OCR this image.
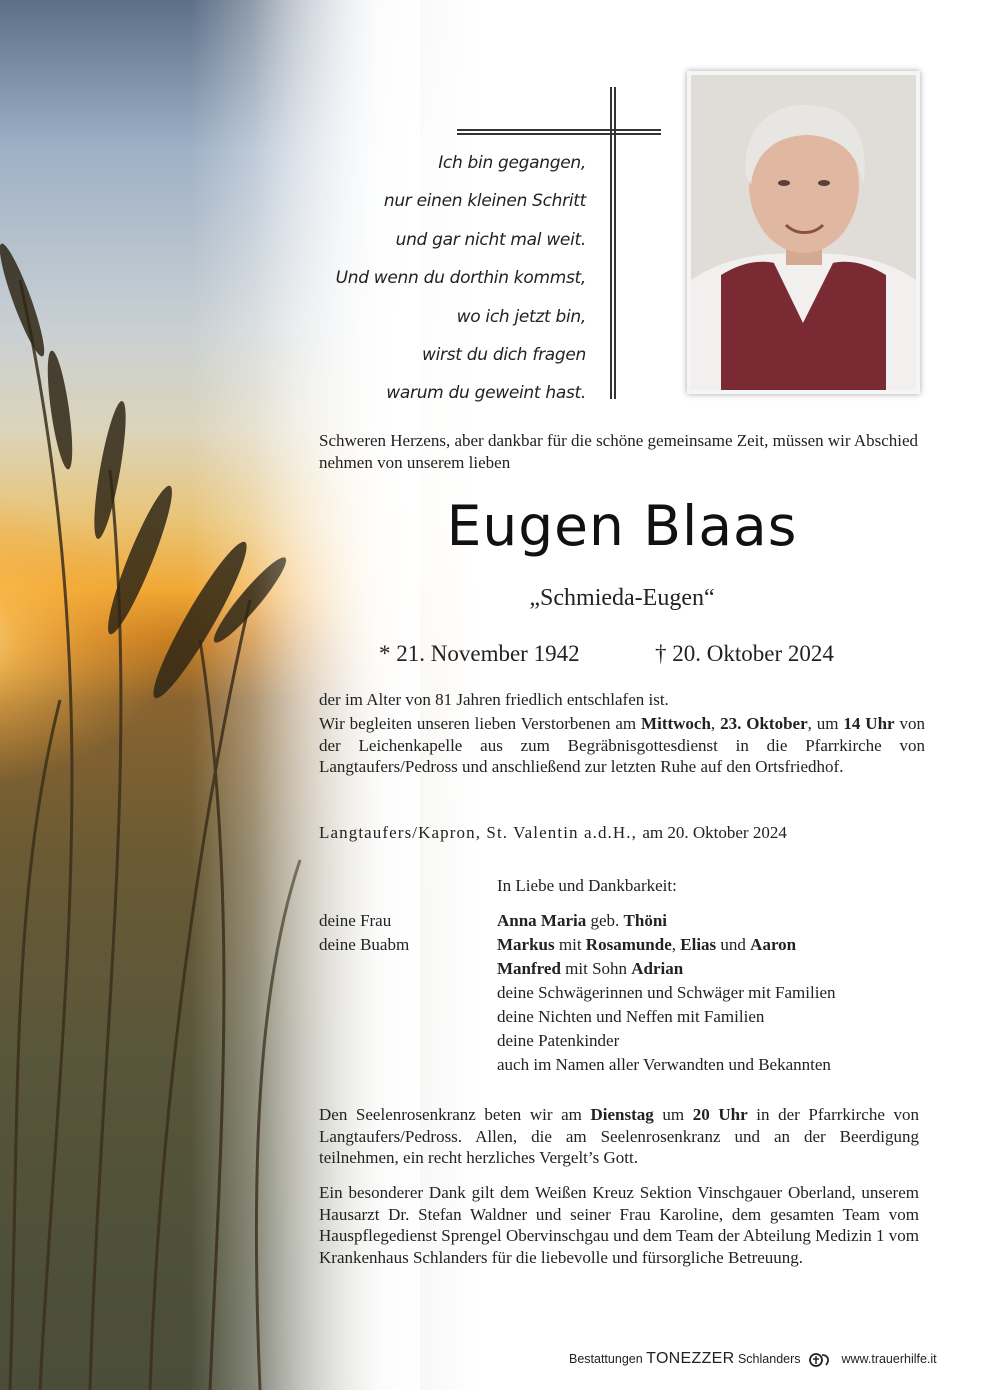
Ich bin gegangen,
nur einen kleinen Schritt
und gar nicht mal weit.
Und wenn du dorthin kommst,
wo ich jetzt bin,
wirst du dich fragen
warum du geweint hast.
Schweren Herzens, aber dankbar für die schöne gemeinsame Zeit, müssen wir Abschied nehmen von unserem lieben
Eugen Blaas
„Schmieda-Eugen“
* 21. November 1942	† 20. Oktober 2024
der im Alter von 81 Jahren friedlich entschlafen ist.
Wir begleiten unseren lieben Verstorbenen am Mittwoch, 23. Oktober, um 14 Uhr von der Leichenkapelle aus zum Begräbnisgottesdienst in die Pfarrkirche von Langtaufers/Pedross und anschließend zur letzten Ruhe auf den Ortsfriedhof.
Langtaufers/Kapron, St. Valentin a.d.H., am 20. Oktober 2024
In Liebe und Dankbarkeit:
deine Frau	Anna Maria geb. Thöni
deine Buabm	Markus mit Rosamunde, Elias und Aaron
Manfred mit Sohn Adrian
deine Schwägerinnen und Schwäger mit Familien
deine Nichten und Neffen mit Familien
deine Patenkinder
auch im Namen aller Verwandten und Bekannten
Den Seelenrosenkranz beten wir am Dienstag um 20 Uhr in der Pfarrkirche von Langtaufers/Pedross. Allen, die am Seelenrosenkranz und an der Beerdigung teilnehmen, ein recht herzliches Vergelt’s Gott.
Ein besonderer Dank gilt dem Weißen Kreuz Sektion Vinschgauer Oberland, unserem Hausarzt Dr. Stefan Waldner und seiner Frau Karoline, dem gesamten Team vom Hauspflegedienst Sprengel Obervinschgau und dem Team der Abteilung Medizin 1 vom Krankenhaus Schlanders für die liebevolle und fürsorgliche Betreuung.
Bestattungen TONEZZER Schlanders	www.trauerhilfe.it
